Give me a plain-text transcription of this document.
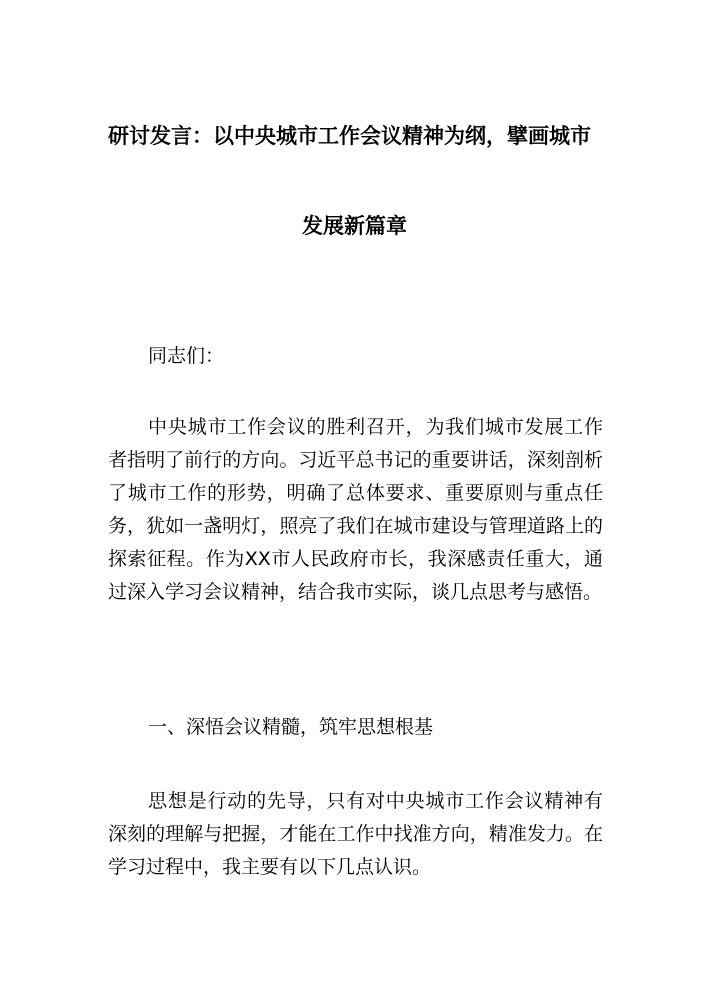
研讨发言：以中央城市工作会议精神为纲，擘画城市
发展新篇章

同志们：

中央城市工作会议的胜利召开，为我们城市发展工作者指明了前行的方向。习近平总书记的重要讲话，深刻剖析了城市工作的形势，明确了总体要求、重要原则与重点任务，犹如一盏明灯，照亮了我们在城市建设与管理道路上的探索征程。作为XX市人民政府市长，我深感责任重大，通过深入学习会议精神，结合我市实际，谈几点思考与感悟。

一、深悟会议精髓，筑牢思想根基

思想是行动的先导，只有对中央城市工作会议精神有深刻的理解与把握，才能在工作中找准方向，精准发力。在学习过程中，我主要有以下几点认识。
